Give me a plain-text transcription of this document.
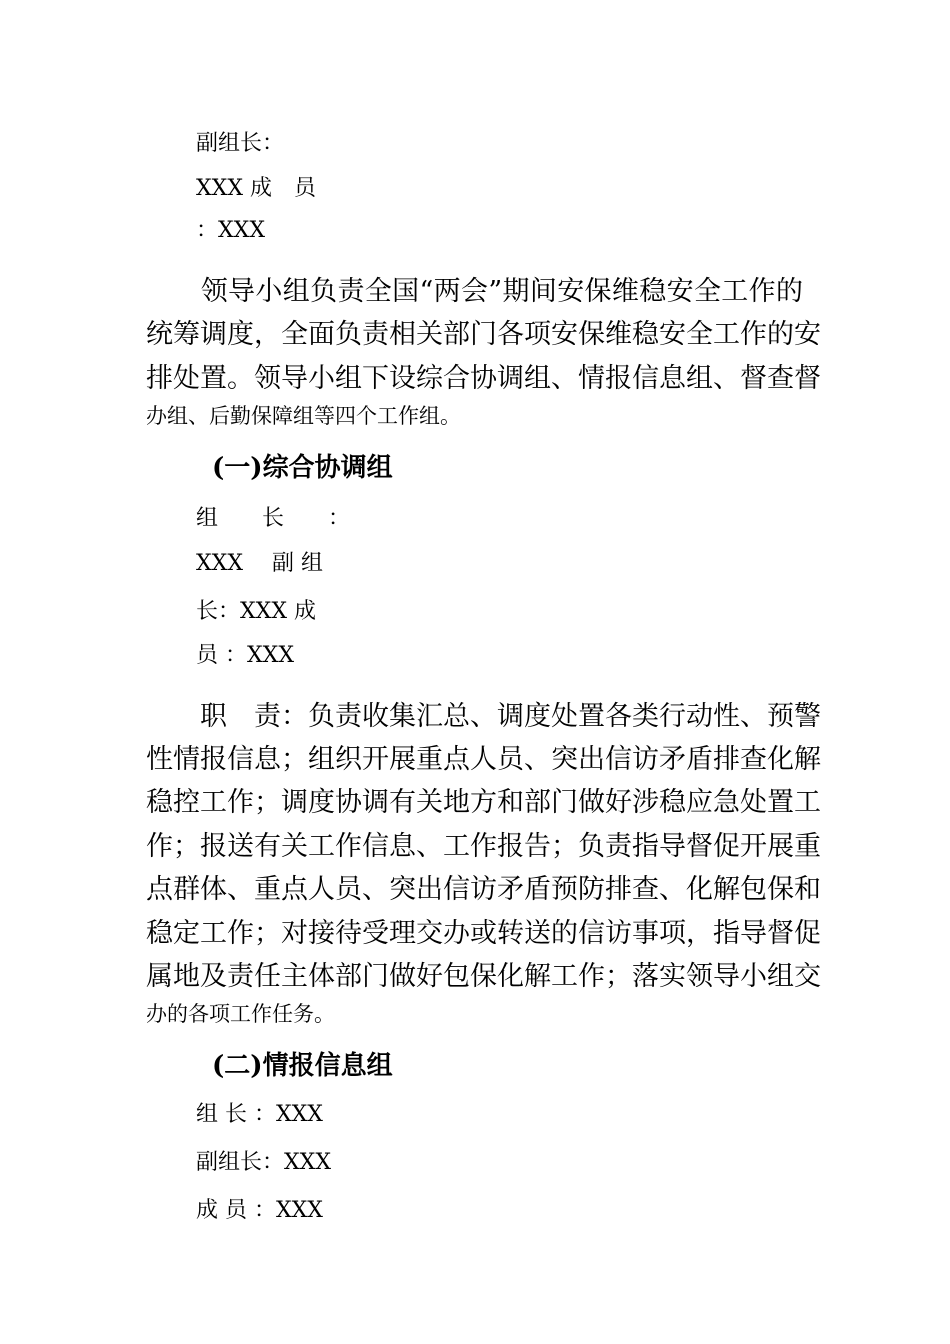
副组长：
XXX 成　员
：XXX
　　领导小组负责全国“两会”期间安保维稳安全工作的
统筹调度，全面负责相关部门各项安保维稳安全工作的安
排处置。领导小组下设综合协调组、情报信息组、督查督
办组、后勤保障组等四个工作组。
(一)综合协调组
组　　长　　：
XXX　 副 组
长：XXX 成
员 ：XXX
　　职　责：负责收集汇总、调度处置各类行动性、预警
性情报信息；组织开展重点人员、突出信访矛盾排查化解
稳控工作；调度协调有关地方和部门做好涉稳应急处置工
作；报送有关工作信息、工作报告；负责指导督促开展重
点群体、重点人员、突出信访矛盾预防排查、化解包保和
稳定工作；对接待受理交办或转送的信访事项，指导督促
属地及责任主体部门做好包保化解工作；落实领导小组交
办的各项工作任务。
(二)情报信息组
组 长 ：XXX
副组长：XXX
成 员 ：XXX
